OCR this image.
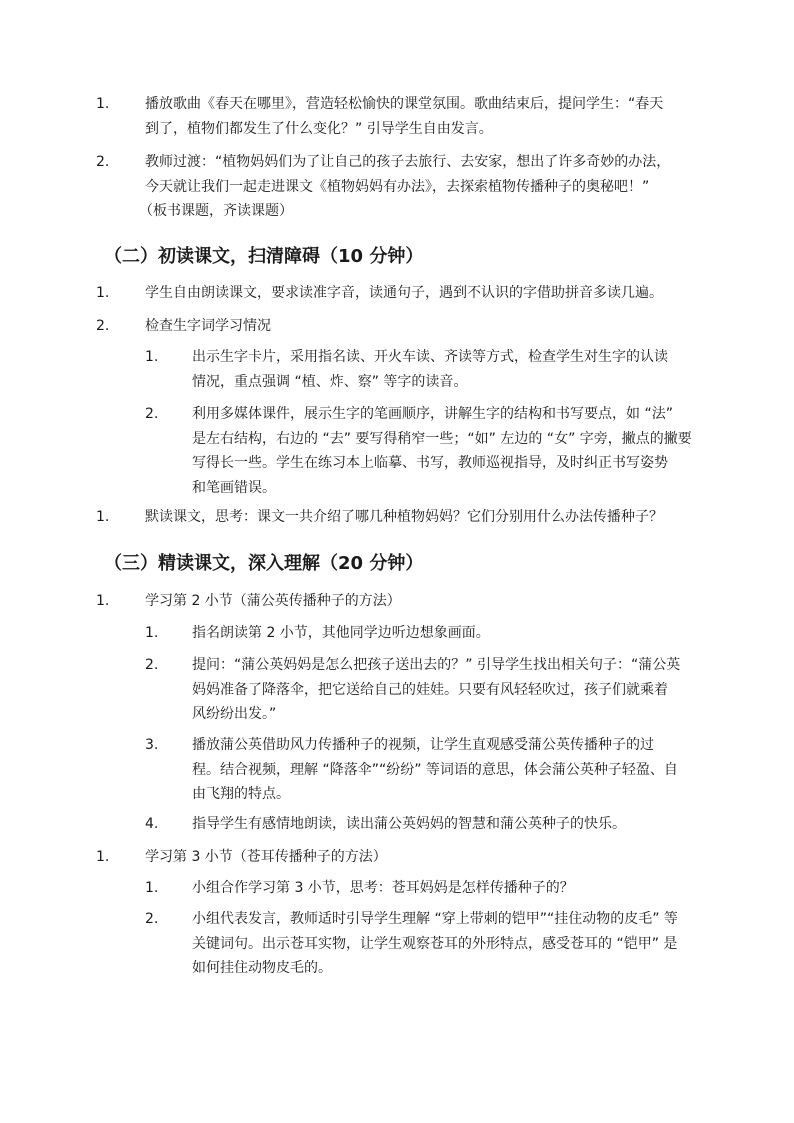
1.	播放歌曲《春天在哪里》，营造轻松愉快的课堂氛围。歌曲结束后，提问学生：“春天
到了，植物们都发生了什么变化？” 引导学生自由发言。
2.	教师过渡：“植物妈妈们为了让自己的孩子去旅行、去安家，想出了许多奇妙的办法，
今天就让我们一起走进课文《植物妈妈有办法》，去探索植物传播种子的奥秘吧！”
（板书课题，齐读课题）
（二）初读课文，扫清障碍（10 分钟）
1.	学生自由朗读课文，要求读准字音，读通句子，遇到不认识的字借助拼音多读几遍。
2.	检查生字词学习情况
1. 出示生字卡片，采用指名读、开火车读、齐读等方式，检查学生对生字的认读
情况，重点强调 “植、炸、察” 等字的读音。
2. 利用多媒体课件，展示生字的笔画顺序，讲解生字的结构和书写要点，如 “法”
是左右结构，右边的 “去” 要写得稍窄一些；“如” 左边的 “女” 字旁，撇点的撇要
写得长一些。学生在练习本上临摹、书写，教师巡视指导，及时纠正书写姿势
和笔画错误。
1.	默读课文，思考：课文一共介绍了哪几种植物妈妈？它们分别用什么办法传播种子？
（三）精读课文，深入理解（20 分钟）
1.	学习第 2 小节（蒲公英传播种子的方法）
1. 指名朗读第 2 小节，其他同学边听边想象画面。
2. 提问：“蒲公英妈妈是怎么把孩子送出去的？” 引导学生找出相关句子：“蒲公英
妈妈准备了降落伞，把它送给自己的娃娃。只要有风轻轻吹过，孩子们就乘着
风纷纷出发。”
3. 播放蒲公英借助风力传播种子的视频，让学生直观感受蒲公英传播种子的过
程。结合视频，理解 “降落伞”“纷纷” 等词语的意思，体会蒲公英种子轻盈、自
由飞翔的特点。
4. 指导学生有感情地朗读，读出蒲公英妈妈的智慧和蒲公英种子的快乐。
1.	学习第 3 小节（苍耳传播种子的方法）
1. 小组合作学习第 3 小节，思考：苍耳妈妈是怎样传播种子的？
2. 小组代表发言，教师适时引导学生理解 “穿上带刺的铠甲”“挂住动物的皮毛” 等
关键词句。出示苍耳实物，让学生观察苍耳的外形特点，感受苍耳的 “铠甲” 是
如何挂住动物皮毛的。
